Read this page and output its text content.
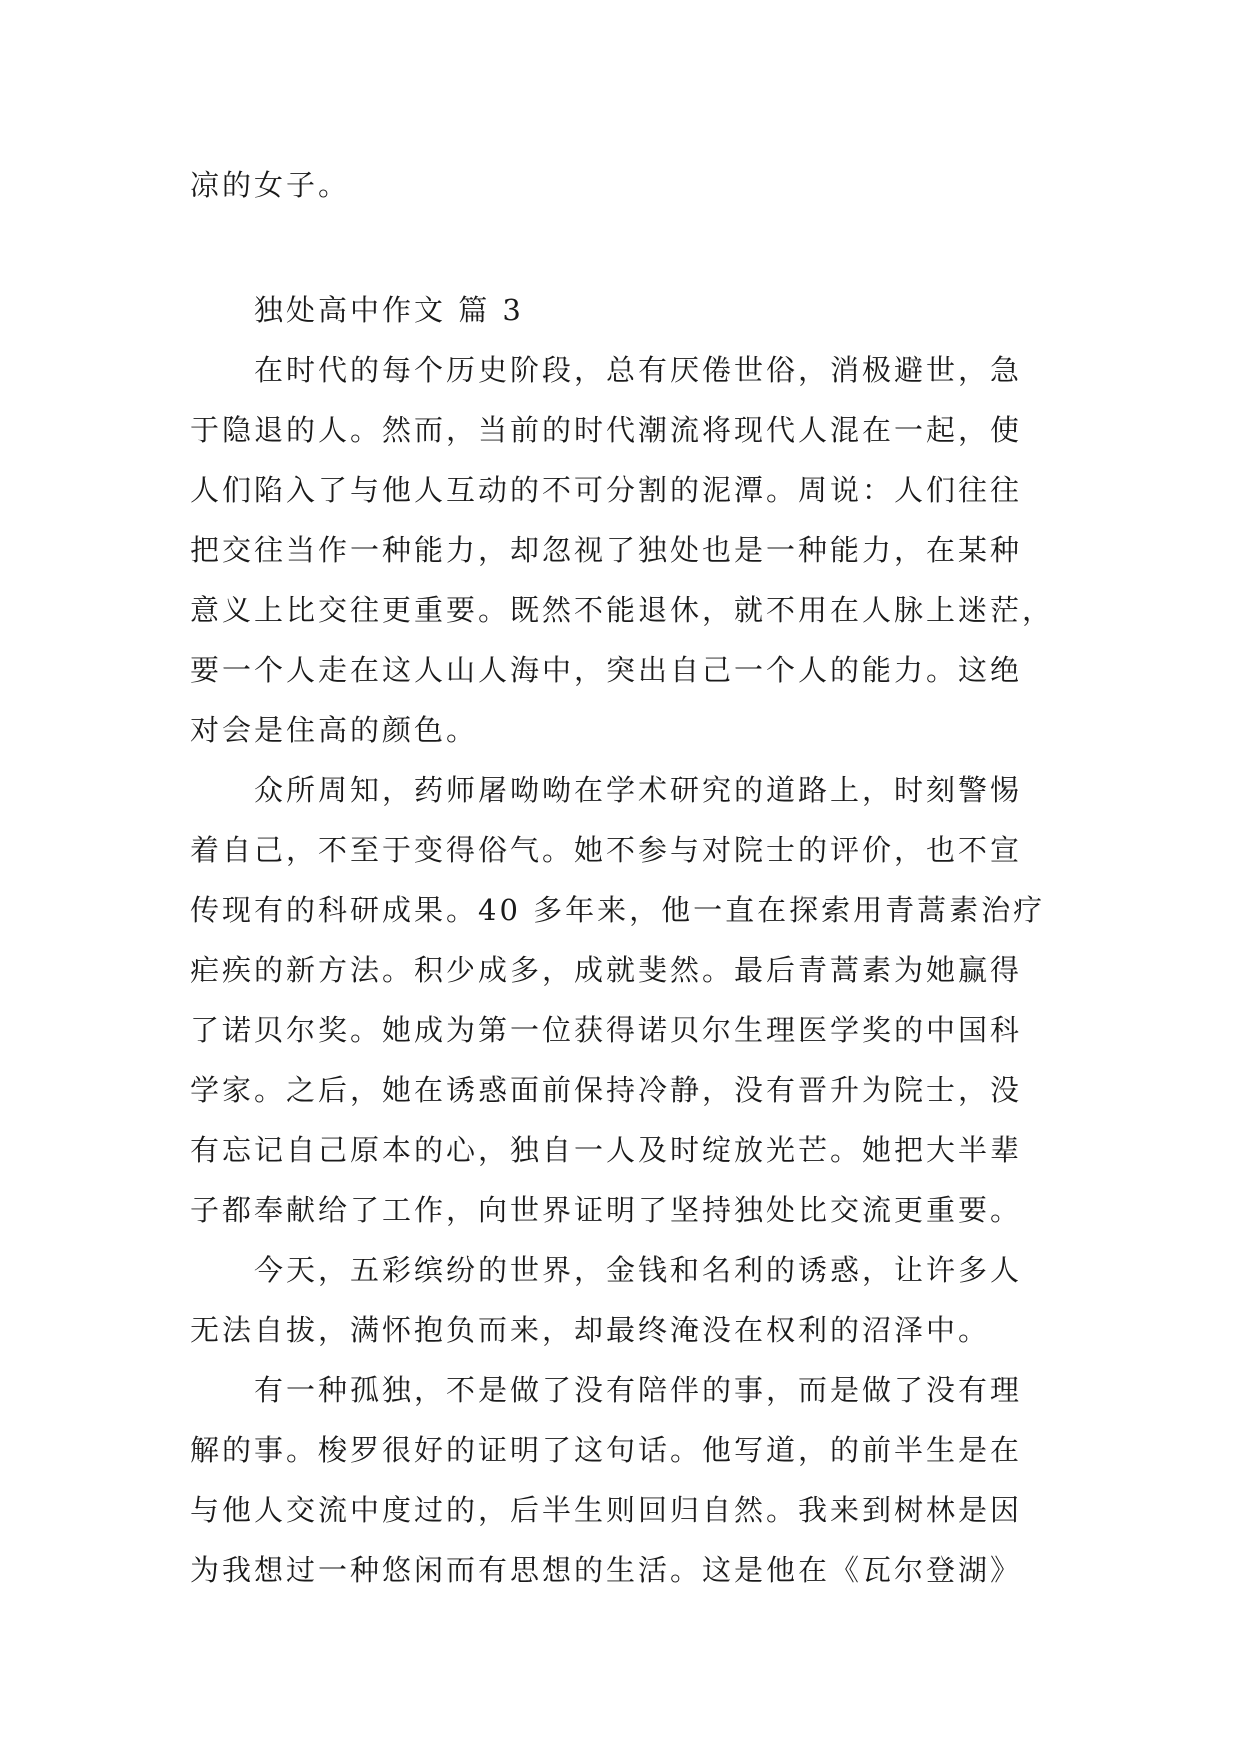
凉的女子。
独处高中作文 篇 3
在时代的每个历史阶段，总有厌倦世俗，消极避世，急
于隐退的人。然而，当前的时代潮流将现代人混在一起，使
人们陷入了与他人互动的不可分割的泥潭。周说：人们往往
把交往当作一种能力，却忽视了独处也是一种能力，在某种
意义上比交往更重要。既然不能退休，就不用在人脉上迷茫，
要一个人走在这人山人海中，突出自己一个人的能力。这绝
对会是住高的颜色。
众所周知，药师屠呦呦在学术研究的道路上，时刻警惕
着自己，不至于变得俗气。她不参与对院士的评价，也不宣
传现有的科研成果。40 多年来，他一直在探索用青蒿素治疗
疟疾的新方法。积少成多，成就斐然。最后青蒿素为她赢得
了诺贝尔奖。她成为第一位获得诺贝尔生理医学奖的中国科
学家。之后，她在诱惑面前保持冷静，没有晋升为院士，没
有忘记自己原本的心，独自一人及时绽放光芒。她把大半辈
子都奉献给了工作，向世界证明了坚持独处比交流更重要。
今天，五彩缤纷的世界，金钱和名利的诱惑，让许多人
无法自拔，满怀抱负而来，却最终淹没在权利的沼泽中。
有一种孤独，不是做了没有陪伴的事，而是做了没有理
解的事。梭罗很好的证明了这句话。他写道，的前半生是在
与他人交流中度过的，后半生则回归自然。我来到树林是因
为我想过一种悠闲而有思想的生活。这是他在《瓦尔登湖》
